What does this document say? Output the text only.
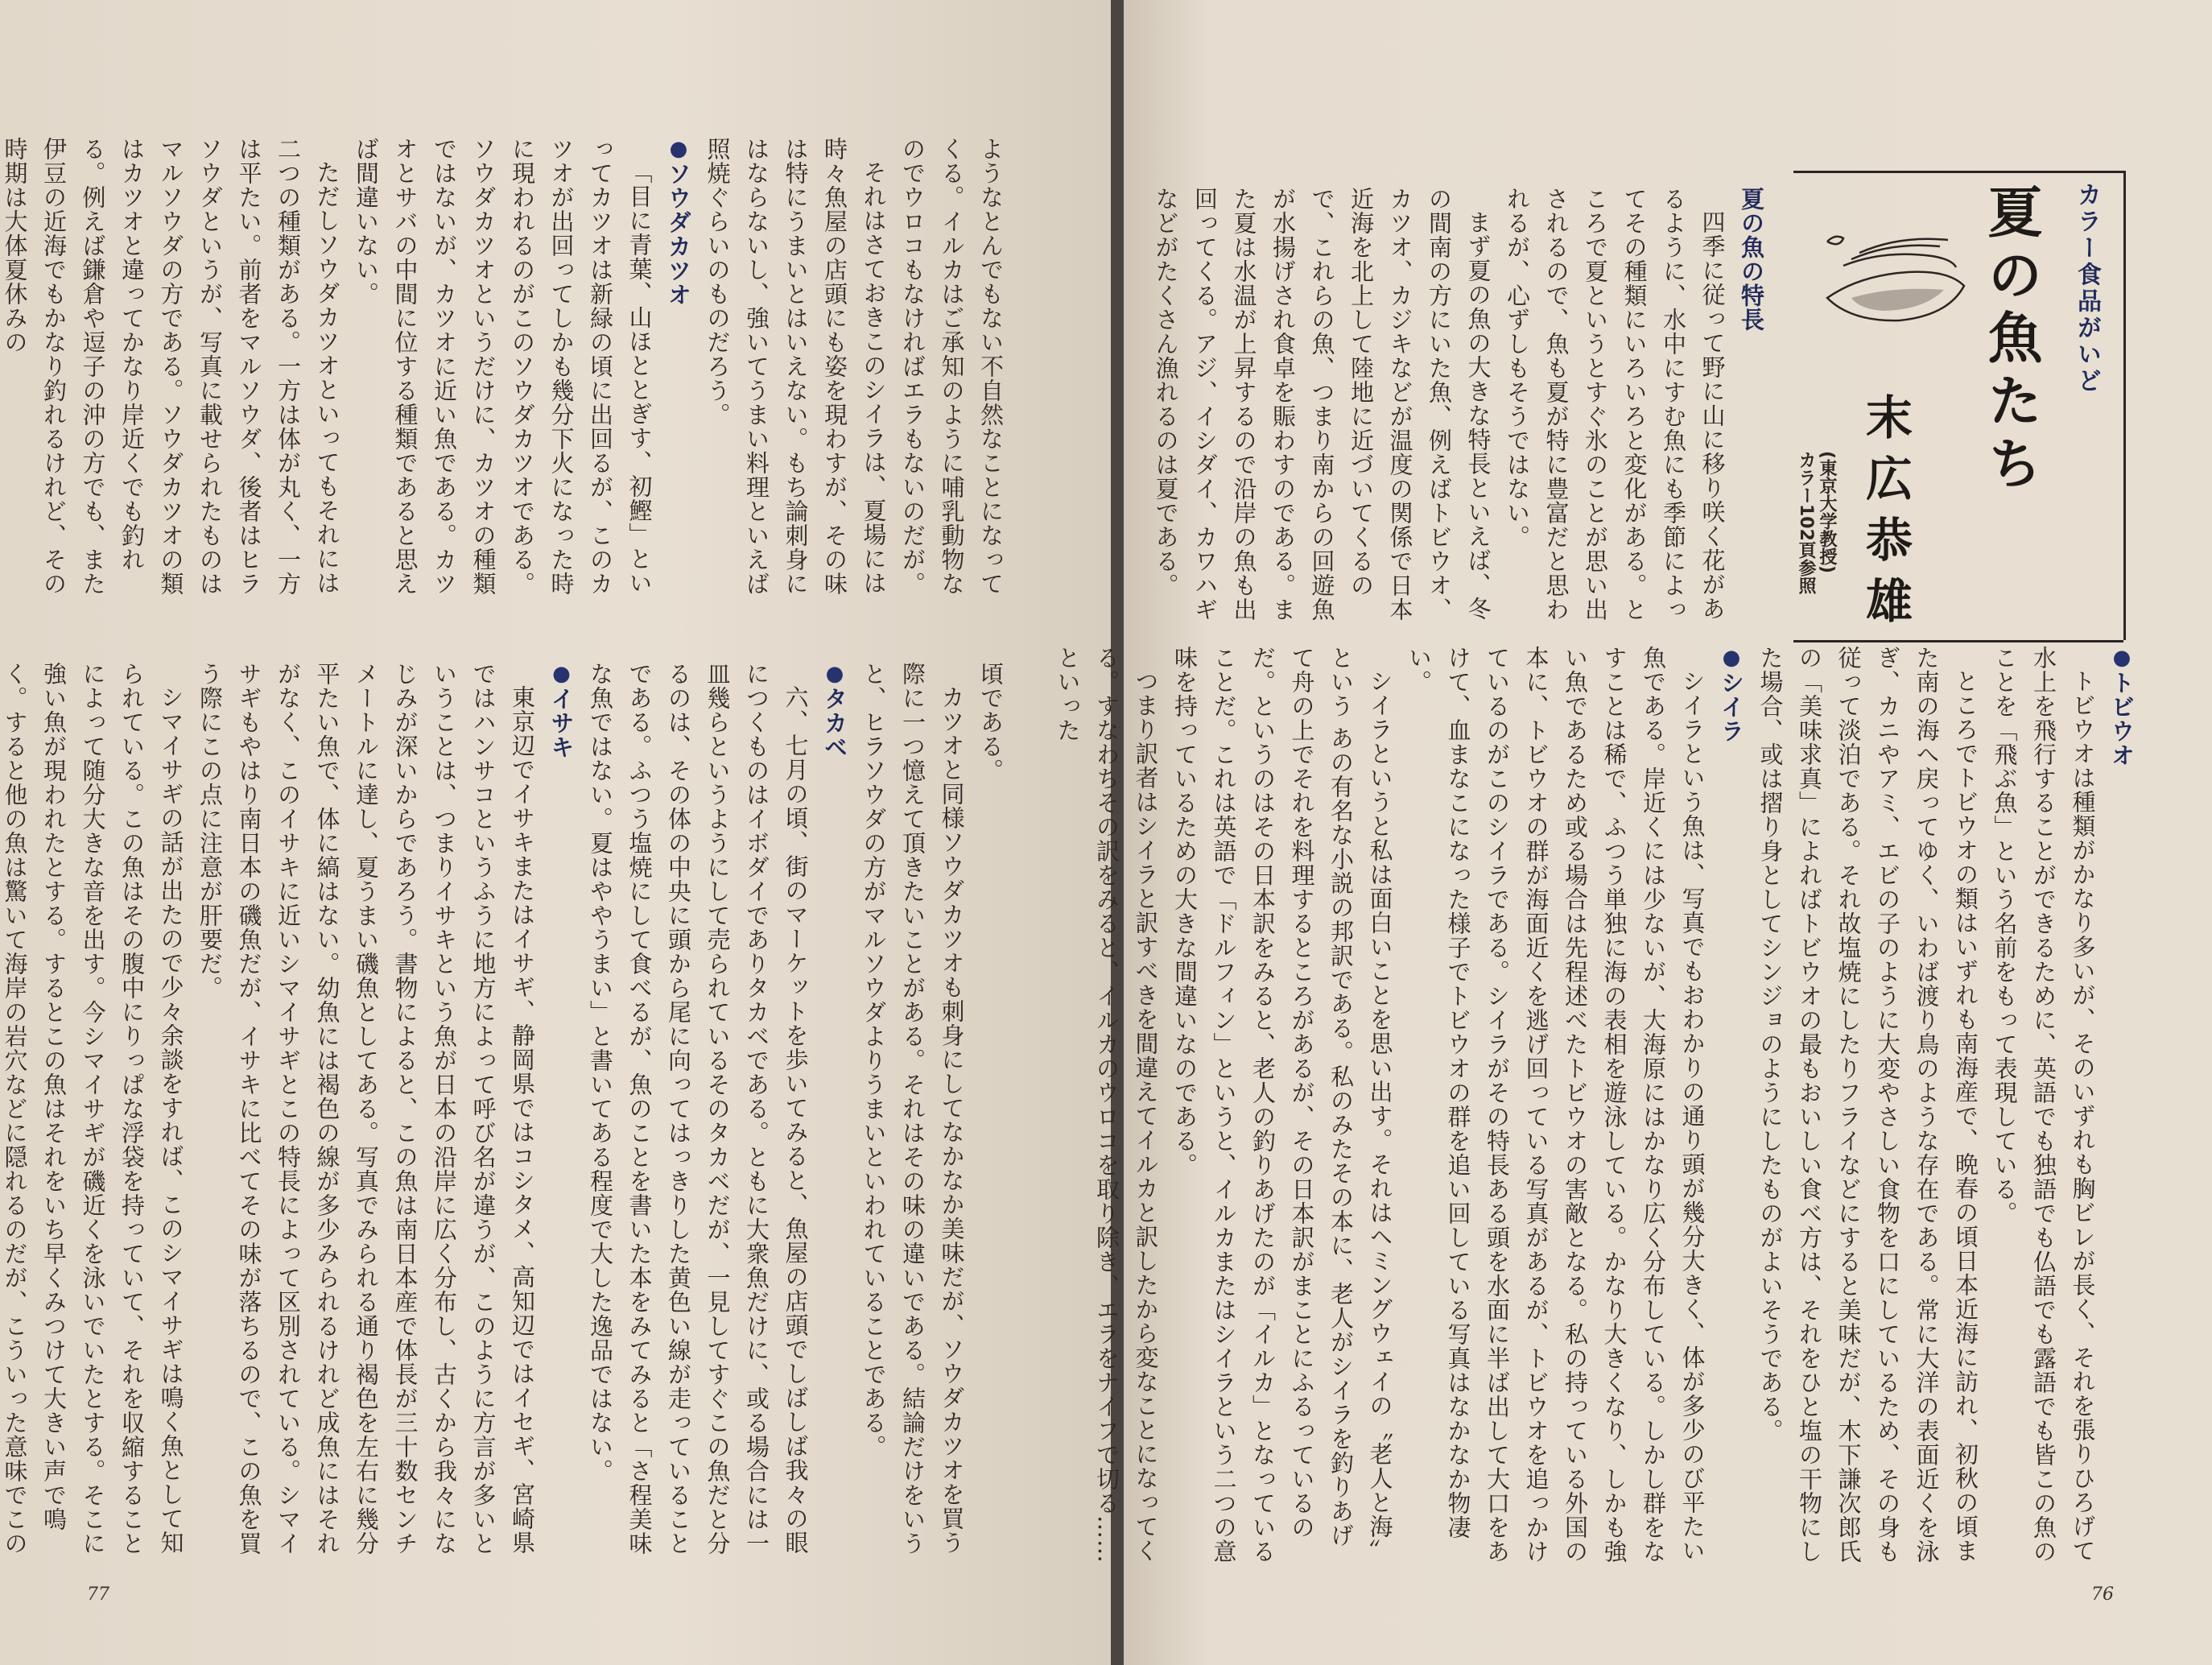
カラー食品がいど
夏の魚たち
末広恭雄
(東京大学教授)
カラー102頁参照
夏の魚の特長

四季に従って野に山に移り咲く花があるように、水中にすむ魚にも季節によってその種類にいろいろと変化がある。ところで夏というとすぐ氷のことが思い出されるので、魚も夏が特に豊富だと思われるが、心ずしもそうではない。

まず夏の魚の大きな特長といえば、冬の間南の方にいた魚、例えばトビウオ、カツオ、カジキなどが温度の関係で日本近海を北上して陸地に近づいてくるので、これらの魚、つまり南からの回遊魚が水揚げされ食卓を賑わすのである。また夏は水温が上昇するので沿岸の魚も出回ってくる。アジ、イシダイ、カワハギなどがたくさん漁れるのは夏である。

●トビウオ

トビウオは種類がかなり多いが、そのいずれも胸ビレが長く、それを張りひろげて水上を飛行することができるために、英語でも独語でも仏語でも露語でも皆この魚のことを「飛ぶ魚」という名前をもって表現している。

ところでトビウオの類はいずれも南海産で、晩春の頃日本近海に訪れ、初秋の頃また南の海へ戻ってゆく、いわば渡り鳥のような存在である。常に大洋の表面近くを泳ぎ、カニやアミ、エビの子のように大変やさしい食物を口にしているため、その身も従って淡泊である。それ故塩焼にしたりフライなどにすると美味だが、木下謙次郎氏の「美味求真」によればトビウオの最もおいしい食べ方は、それをひと塩の干物にした場合、或は摺り身としてシンジョのようにしたものがよいそうである。

●シイラ

シイラという魚は、写真でもおわかりの通り頭が幾分大きく、体が多少のび平たい魚である。岸近くには少ないが、大海原にはかなり広く分布している。しかし群をなすことは稀で、ふつう単独に海の表相を遊泳している。かなり大きくなり、しかも強い魚であるため或る場合は先程述べたトビウオの害敵となる。私の持っている外国の本に、トビウオの群が海面近くを逃げ回っている写真があるが、トビウオを追っかけているのがこのシイラである。シイラがその特長ある頭を水面に半ば出して大口をあけて、血まなこになった様子でトビウオの群を追い回している写真はなかなか物凄い。

シイラというと私は面白いことを思い出す。それはヘミングウェイの〝老人と海〟という あの有名な小説の邦訳である。私のみたその本に、老人がシイラを釣りあげて舟の上でそれを料理するところがあるが、その日本訳がまことにふるっているのだ。というのはその日本訳をみると、老人の釣りあげたのが「イルカ」となっていることだ。これは英語で「ドルフィン」というと、イルカまたはシイラという二つの意味を持っているための大きな間違いなのである。

つまり訳者はシイラと訳すべきを間違えてイルカと訳したから変なことになってくる。すなわちその訳をみると、イルカのウロコを取り除き、エラをナイフで切る……といった

76

ようなとんでもない不自然なことになってくる。イルカはご承知のように哺乳動物なのでウロコもなければエラもないのだが。

それはさておきこのシイラは、夏場には時々魚屋の店頭にも姿を現わすが、その味は特にうまいとはいえない。もち論刺身にはならないし、強いてうまい料理といえば照焼ぐらいのものだろう。

●ソウダカツオ

「目に青葉、山ほととぎす、初鰹」といってカツオは新緑の頃に出回るが、このカツオが出回ってしかも幾分下火になった時に現われるのがこのソウダカツオである。ソウダカツオというだけに、カツオの種類ではないが、カツオに近い魚である。カツオとサバの中間に位する種類であると思えば間違いない。

ただしソウダカツオといってもそれには二つの種類がある。一方は体が丸く、一方は平たい。前者をマルソウダ、後者はヒラソウダというが、写真に載せられたものはマルソウダの方である。ソウダカツオの類はカツオと違ってかなり岸近くでも釣れる。例えば鎌倉や逗子の沖の方でも、また伊豆の近海でもかなり釣れるけれど、その時期は大体夏休みの

頃である。

カツオと同様ソウダカツオも刺身にしてなかなか美味だが、ソウダカツオを買う際に一つ憶えて頂きたいことがある。それはその味の違いである。結論だけをいうと、ヒラソウダの方がマルソウダよりうまいといわれていることである。

●タカベ

六、七月の頃、街のマーケットを歩いてみると、魚屋の店頭でしばしば我々の眼につくものはイボダイでありタカベである。ともに大衆魚だけに、或る場合には一皿幾らというようにして売られているそのタカベだが、一見してすぐこの魚だと分るのは、その体の中央に頭から尾に向ってはっきりした黄色い線が走っていることである。ふつう塩焼にして食べるが、魚のことを書いた本をみてみると「さ程美味な魚ではない。夏はややうまい」と書いてある程度で大した逸品ではない。

●イサキ

東京辺でイサキまたはイサギ、静岡県ではコシタメ、高知辺ではイセギ、宮崎県ではハンサコというふうに地方によって呼び名が違うが、このように方言が多いということは、つまりイサキという魚が日本の沿岸に広く分布し、古くから我々になじみが深いからであろう。書物によると、この魚は南日本産で体長が三十数センチメートルに達し、夏うまい磯魚としてある。写真でみられる通り褐色を左右に幾分平たい魚で、体に縞はない。幼魚には褐色の線が多少みられるけれど成魚にはそれがなく、このイサキに近いシマイサギとこの特長によって区別されている。シマイサギもやはり南日本の磯魚だが、イサキに比べてその味が落ちるので、この魚を買う際にこの点に注意が肝要だ。

シマイサギの話が出たので少々余談をすれば、このシマイサギは鳴く魚として知られている。この魚はその腹中にりっぱな浮袋を持っていて、それを収縮することによって随分大きな音を出す。今シマイサギが磯近くを泳いでいたとする。そこに強い魚が現われたとする。するとこの魚はそれをいち早くみつけて大きい声で鳴く。すると他の魚は驚いて海岸の岩穴などに隠れるのだが、こういった意味でこの

77
